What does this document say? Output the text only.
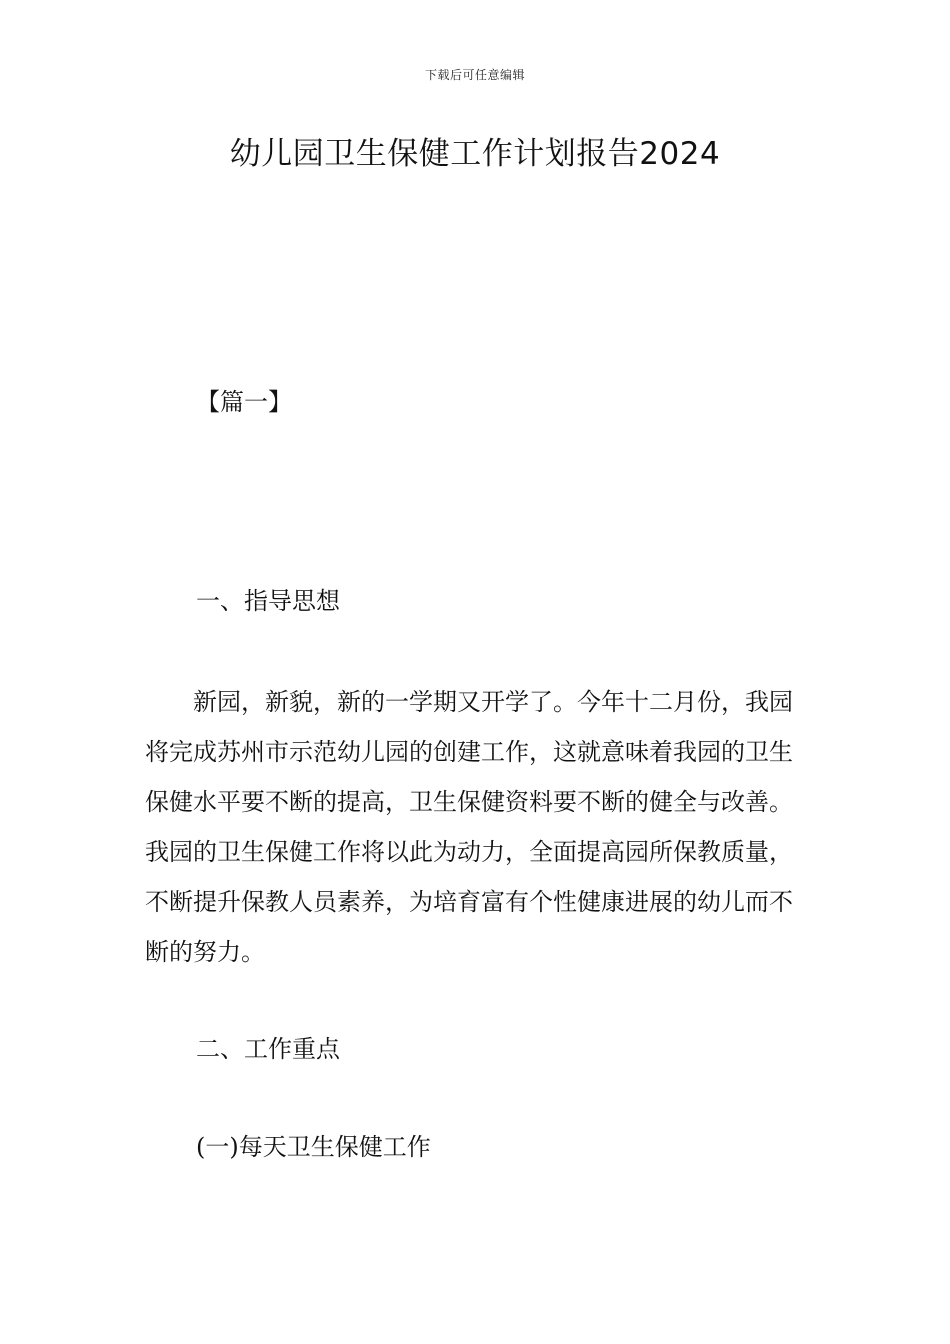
下载后可任意编辑
幼儿园卫生保健工作计划报告2024
【篇一】
一、指导思想

新园，新貌，新的一学期又开学了。今年十二月份，我园将完成苏州市示范幼儿园的创建工作，这就意味着我园的卫生保健水平要不断的提高，卫生保健资料要不断的健全与改善。我园的卫生保健工作将以此为动力，全面提高园所保教质量，不断提升保教人员素养，为培育富有个性健康进展的幼儿而不断的努力。

二、工作重点
(一)每天卫生保健工作
